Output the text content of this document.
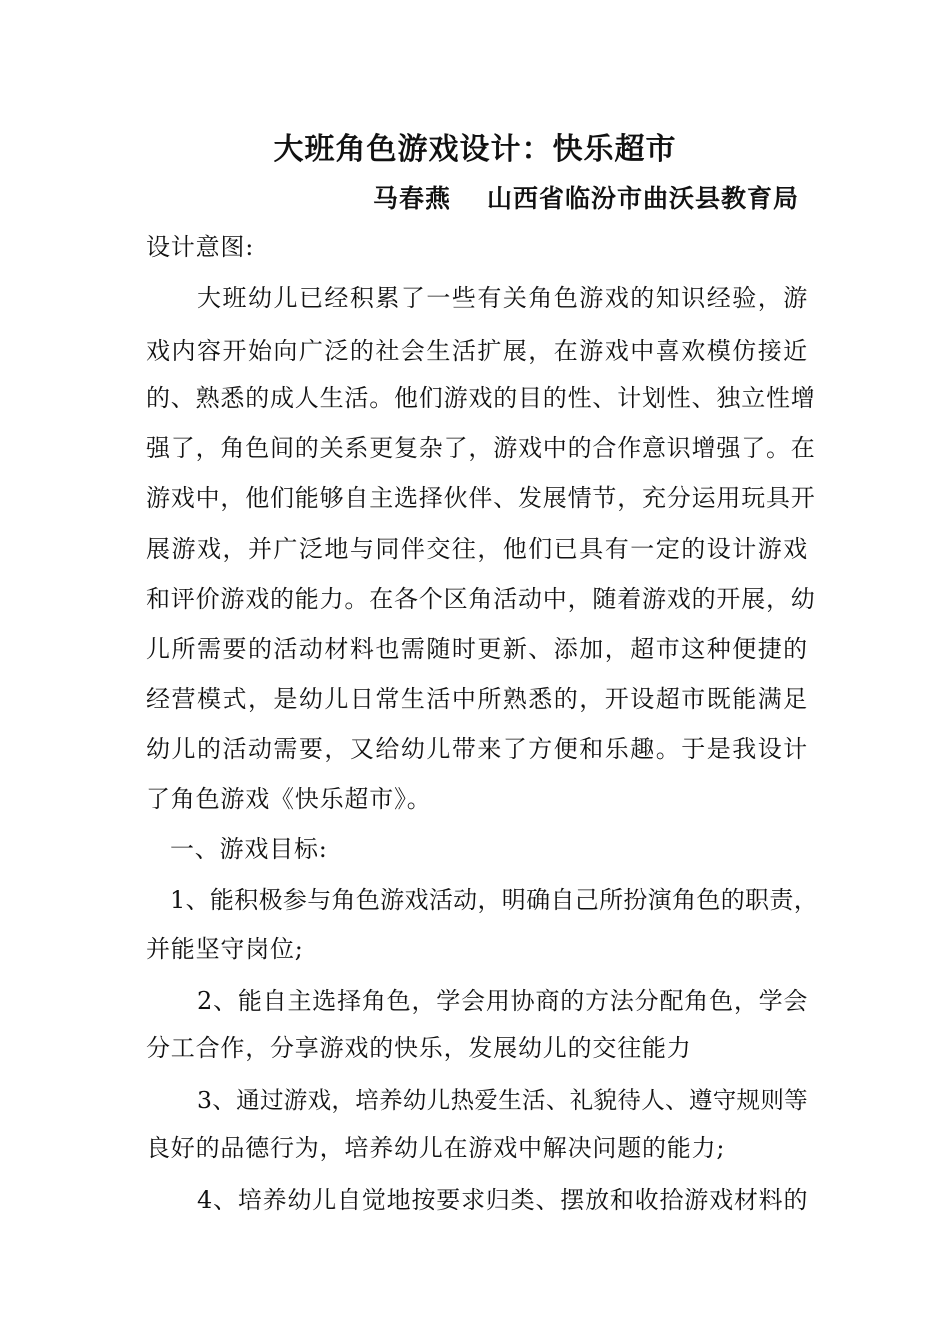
大班角色游戏设计：快乐超市
马春燕 山西省临汾市曲沃县教育局
设计意图:
大班幼儿已经积累了一些有关角色游戏的知识经验，游
戏内容开始向广泛的社会生活扩展，在游戏中喜欢模仿接近
的、熟悉的成人生活。他们游戏的目的性、计划性、独立性增
强了，角色间的关系更复杂了，游戏中的合作意识增强了。在
游戏中，他们能够自主选择伙伴、发展情节，充分运用玩具开
展游戏，并广泛地与同伴交往，他们已具有一定的设计游戏
和评价游戏的能力。在各个区角活动中，随着游戏的开展，幼
儿所需要的活动材料也需随时更新、添加，超市这种便捷的
经营模式，是幼儿日常生活中所熟悉的，开设超市既能满足
幼儿的活动需要，又给幼儿带来了方便和乐趣。于是我设计
了角色游戏《快乐超市》。
一、游戏目标:
1、能积极参与角色游戏活动，明确自己所扮演角色的职责，
并能坚守岗位;
2、能自主选择角色，学会用协商的方法分配角色，学会
分工合作，分享游戏的快乐，发展幼儿的交往能力
3、通过游戏，培养幼儿热爱生活、礼貌待人、遵守规则等
良好的品德行为，培养幼儿在游戏中解决问题的能力;
4、培养幼儿自觉地按要求归类、摆放和收拾游戏材料的
